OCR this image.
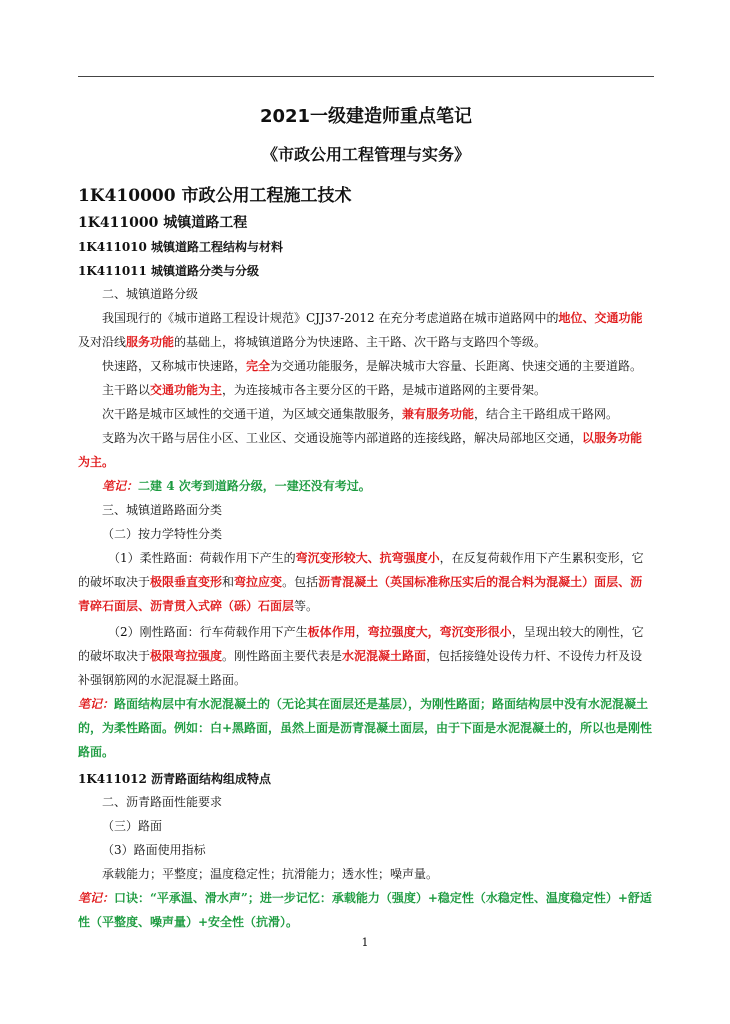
2021一级建造师重点笔记
《市政公用工程管理与实务》
1K410000 市政公用工程施工技术
1K411000 城镇道路工程
1K411010 城镇道路工程结构与材料
1K411011 城镇道路分类与分级
二、城镇道路分级
我国现行的《城市道路工程设计规范》CJJ37-2012 在充分考虑道路在城市道路网中的地位、交通功能及对沿线服务功能的基础上，将城镇道路分为快速路、主干路、次干路与支路四个等级。
快速路，又称城市快速路，完全为交通功能服务，是解决城市大容量、长距离、快速交通的主要道路。
主干路以交通功能为主，为连接城市各主要分区的干路，是城市道路网的主要骨架。
次干路是城市区域性的交通干道，为区域交通集散服务，兼有服务功能，结合主干路组成干路网。
支路为次干路与居住小区、工业区、交通设施等内部道路的连接线路，解决局部地区交通，以服务功能为主。
笔记：二建 4 次考到道路分级，一建还没有考过。
三、城镇道路路面分类
（二）按力学特性分类
（1）柔性路面：荷载作用下产生的弯沉变形较大、抗弯强度小，在反复荷载作用下产生累积变形，它的破坏取决于极限垂直变形和弯拉应变。包括沥青混凝土（英国标准称压实后的混合料为混凝土）面层、沥青碎石面层、沥青贯入式碎（砾）石面层等。
（2）刚性路面：行车荷载作用下产生板体作用，弯拉强度大，弯沉变形很小，呈现出较大的刚性，它的破坏取决于极限弯拉强度。刚性路面主要代表是水泥混凝土路面，包括接缝处设传力杆、不设传力杆及设补强钢筋网的水泥混凝土路面。
笔记：路面结构层中有水泥混凝土的（无论其在面层还是基层），为刚性路面；路面结构层中没有水泥混凝土的，为柔性路面。例如：白+黑路面，虽然上面是沥青混凝土面层，由于下面是水泥混凝土的，所以也是刚性路面。
1K411012 沥青路面结构组成特点
二、沥青路面性能要求
（三）路面
（3）路面使用指标
承载能力；平整度；温度稳定性；抗滑能力；透水性；噪声量。
笔记：口诀：“平承温、滑水声”；进一步记忆：承载能力（强度）+稳定性（水稳定性、温度稳定性）+舒适性（平整度、噪声量）+安全性（抗滑）。
1
